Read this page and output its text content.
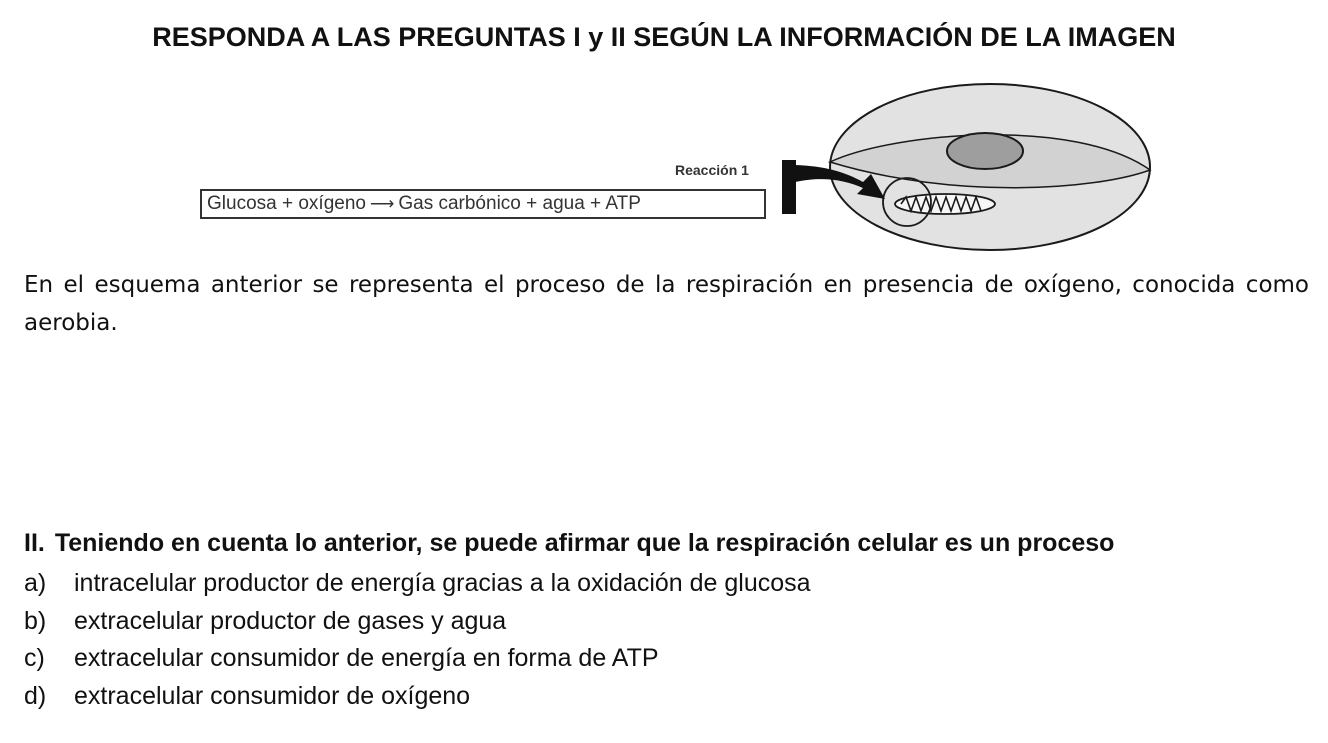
RESPONDA A LAS PREGUNTAS I y II SEGÚN LA INFORMACIÓN DE LA IMAGEN
Reacción 1
Glucosa + oxígeno ⟶ Gas carbónico + agua + ATP
En el esquema anterior se representa el proceso de la respiración en presencia de oxígeno, conocida como aerobia.
II. Teniendo en cuenta lo anterior, se puede afirmar que la respiración celular es un proceso
a) intracelular productor de energía gracias a la oxidación de glucosa
b) extracelular productor de gases y agua
c) extracelular consumidor de energía en forma de ATP
d) extracelular consumidor de oxígeno
